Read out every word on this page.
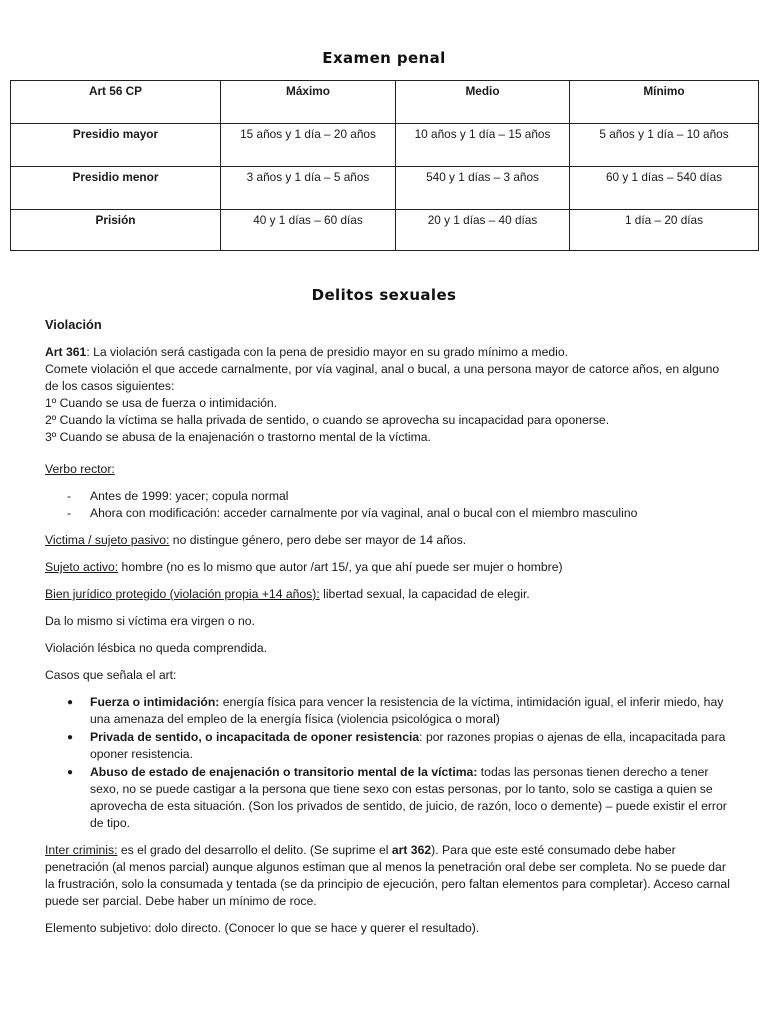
Examen penal
Art 56 CP	Máximo	Medio	Mínimo
Presidio mayor	15 años y 1 día – 20 años	10 años y 1 día – 15 años	5 años y 1 día – 10 años
Presidio menor	3 años y 1 día – 5 años	540 y 1 días – 3 años	60 y 1 días – 540 días
Prisión	40 y 1 días – 60 días	20 y 1 días – 40 días	1 día – 20 días
Delitos sexuales
Violación

Art 361: La violación será castigada con la pena de presidio mayor en su grado mínimo a medio.

Comete violación el que accede carnalmente, por vía vaginal, anal o bucal, a una persona mayor de catorce años, en alguno de los casos siguientes:

1º Cuando se usa de fuerza o intimidación.

2º Cuando la víctima se halla privada de sentido, o cuando se aprovecha su incapacidad para oponerse.

3º Cuando se abusa de la enajenación o trastorno mental de la víctima.

Verbo rector:

- Antes de 1999: yacer; copula normal
- Ahora con modificación: acceder carnalmente por vía vaginal, anal o bucal con el miembro masculino

Victima / sujeto pasivo: no distingue género, pero debe ser mayor de 14 años.

Sujeto activo: hombre (no es lo mismo que autor /art 15/, ya que ahí puede ser mujer o hombre)

Bien jurídico protegido (violación propia +14 años): libertad sexual, la capacidad de elegir.

Da lo mismo si víctima era virgen o no.

Violación lésbica no queda comprendida.

Casos que señala el art:

● Fuerza o intimidación: energía física para vencer la resistencia de la víctima, intimidación igual, el inferir miedo, hay una amenaza del empleo de la energía física (violencia psicológica o moral)
● Privada de sentido, o incapacitada de oponer resistencia: por razones propias o ajenas de ella, incapacitada para oponer resistencia.
● Abuso de estado de enajenación o transitorio mental de la víctima: todas las personas tienen derecho a tener sexo, no se puede castigar a la persona que tiene sexo con estas personas, por lo tanto, solo se castiga a quien se aprovecha de esta situación. (Son los privados de sentido, de juicio, de razón, loco o demente) – puede existir el error de tipo.

Inter criminis: es el grado del desarrollo el delito. (Se suprime el art 362). Para que este esté consumado debe haber penetración (al menos parcial) aunque algunos estiman que al menos la penetración oral debe ser completa. No se puede dar la frustración, solo la consumada y tentada (se da principio de ejecución, pero faltan elementos para completar). Acceso carnal puede ser parcial. Debe haber un mínimo de roce.

Elemento subjetivo: dolo directo. (Conocer lo que se hace y querer el resultado).
